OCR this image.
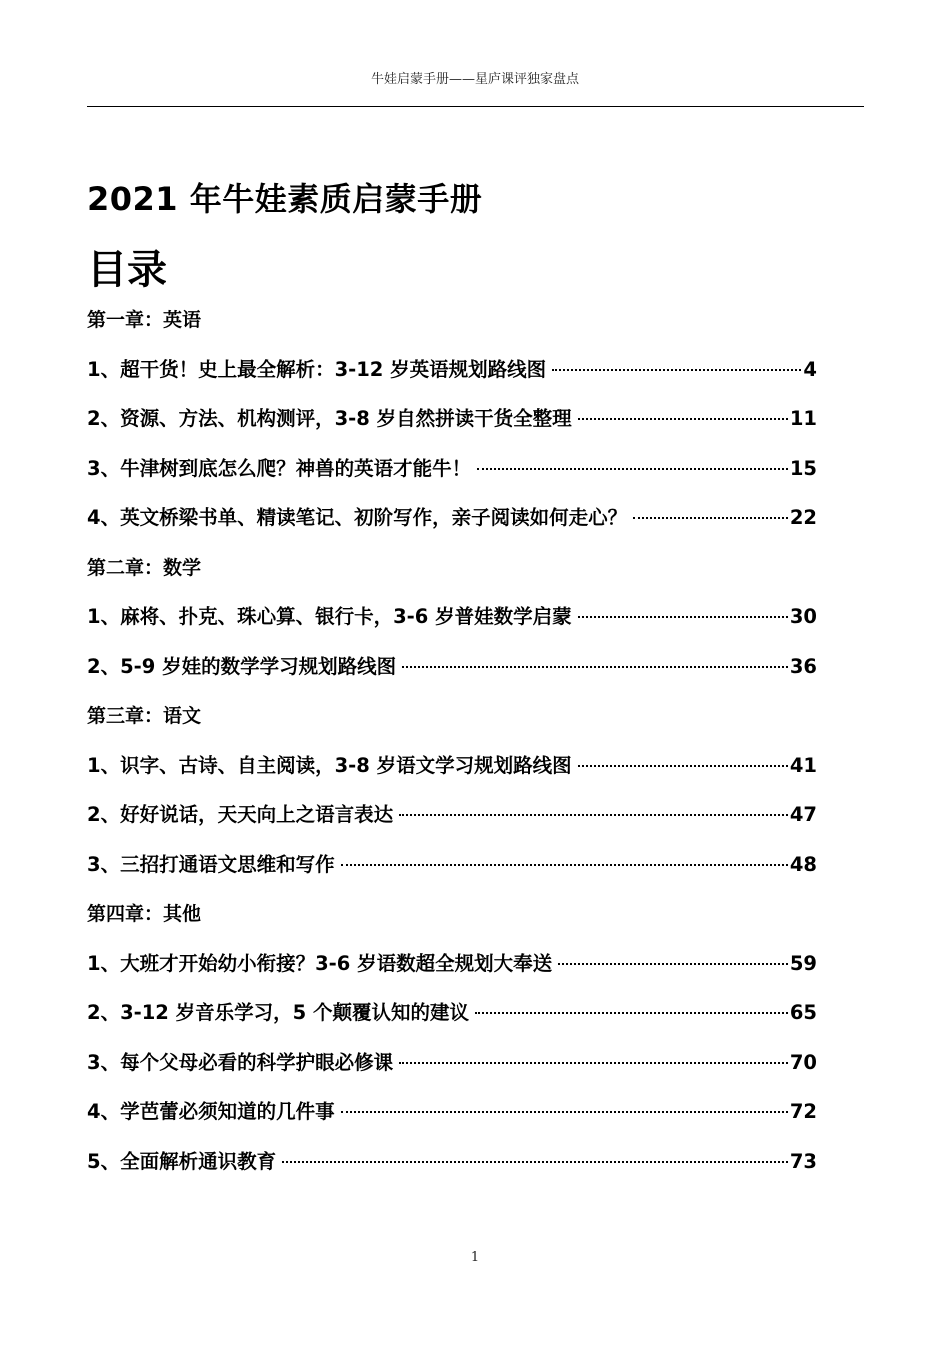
牛娃启蒙手册——星庐课评独家盘点
2021 年牛娃素质启蒙手册
目录
第一章：英语
1、超干货！史上最全解析：3-12 岁英语规划路线图	4
2、资源、方法、机构测评，3-8 岁自然拼读干货全整理	11
3、牛津树到底怎么爬？神兽的英语才能牛！	15
4、英文桥梁书单、精读笔记、初阶写作，亲子阅读如何走心？	22
第二章：数学
1、麻将、扑克、珠心算、银行卡，3-6 岁普娃数学启蒙	30
2、5-9 岁娃的数学学习规划路线图	36
第三章：语文
1、识字、古诗、自主阅读，3-8 岁语文学习规划路线图	41
2、好好说话，天天向上之语言表达	47
3、三招打通语文思维和写作	48
第四章：其他
1、大班才开始幼小衔接？3-6 岁语数超全规划大奉送	59
2、3-12 岁音乐学习，5 个颠覆认知的建议	65
3、每个父母必看的科学护眼必修课	70
4、学芭蕾必须知道的几件事	72
5、全面解析通识教育	73
1
